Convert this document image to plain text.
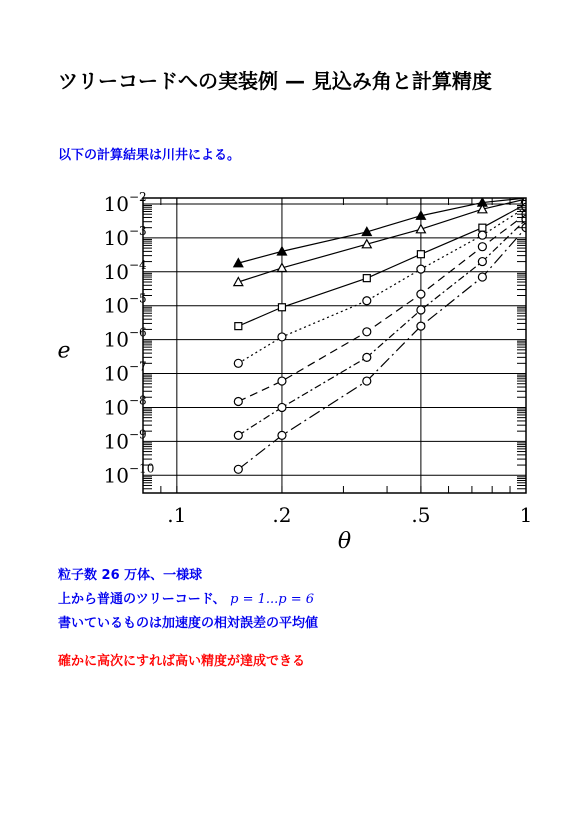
ツリーコードへの実装例 — 見込み角と計算精度

以下の計算結果は川井による。

10 −10
10 −9
10 −8
10 −7
10 −6
10 −5
10 −4
10 −3
10 −2
.1	.2	.5	1
θ
e

粒子数 26 万体、一様球

上から普通のツリーコード、 p = 1...p = 6

書いているものは加速度の相対誤差の平均値

確かに高次にすれば高い精度が達成できる
